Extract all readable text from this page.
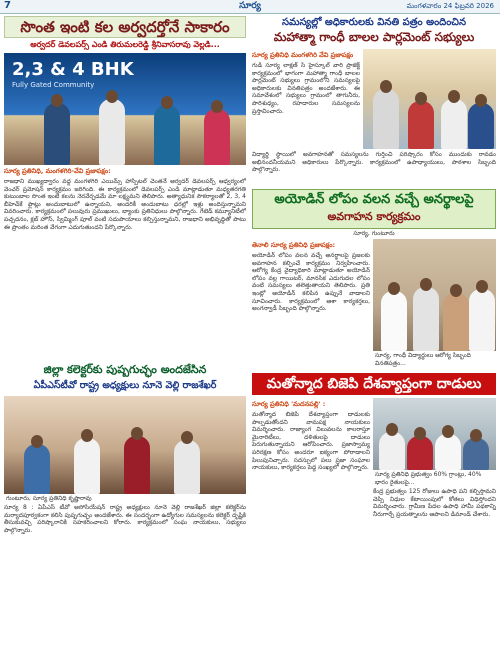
7	సూర్య	మంగళవారం 24 ఫిబ్రవరి 2026
సొంత ఇంటి కల అర్వదర్తోనే సాకారం
అర్వదర్ డెవలపర్స్ ఎండి తిరుమలరెడ్డి శ్రీనివాసరావు వెల్లడి...
2,3 & 4 BHK
Fully Gated Community
సూర్య ప్రతినిధి, మంగళగిరి-వేవి ప్రజాపక్షం:
రాజధాని ముఖ్యద్వారం వద్ద మంగళగిరి ఎయిమ్స్ హాస్పిటల్ చెంతనే అర్వదర్ డెవలపర్స్ ఆధ్వర్యంలో వెంచర్ ప్రమోషన్ కార్యక్రమం జరిగింది. ఈ కార్యక్రమంలో డెవలపర్స్ ఎండి మాట్లాడుతూ మధ్యతరగతి కుటుంబాల సొంత ఇంటి కలను నెరవేర్చడమే మా లక్ష్యమని తెలిపారు. అత్యాధునిక సౌకర్యాలతో 2, 3, 4 బీహెచ్‌కే ఫ్లాట్లు అందుబాటులో ఉన్నాయని, అందరికీ అందుబాటు ధరల్లో ఇళ్లు అందిస్తున్నామని వివరించారు. కార్యక్రమంలో పలువురు ప్రముఖులు, బ్యాంకు ప్రతినిధులు పాల్గొన్నారు. గేటెడ్ కమ్యూనిటీలో పచ్చదనం, క్లబ్ హౌస్, స్విమ్మింగ్ పూల్ వంటి సదుపాయాలు కల్పిస్తున్నామని, రాజధాని అభివృద్ధితో పాటు ఈ ప్రాంతం మరింత వేగంగా ఎదుగుతుందని పేర్కొన్నారు.
జిల్లా కలెక్టర్‌కు పుష్పగుచ్ఛం అందజేసిన
ఏపీఎస్‌టీవో రాష్ట్ర అధ్యక్షులు నూనె వెల్లి రాజశేఖర్
గుంటూరు, సూర్య ప్రతినిధి కృష్ణారావు
సూర్య 8 : ఏపీఎస్ టీవో అసోసియేషన్ రాష్ట్ర అధ్యక్షులు నూనె వెల్లి రాజశేఖర్ జిల్లా కలెక్టర్‌ను మర్యాదపూర్వకంగా కలిసి పుష్పగుచ్ఛం అందజేశారు. ఈ సందర్భంగా ఉద్యోగుల సమస్యలను కలెక్టర్ దృష్టికి తీసుకువచ్చి పరిష్కారానికి సహకరించాలని కోరారు. కార్యక్రమంలో సంఘ నాయకులు, సభ్యులు పాల్గొన్నారు.
సమస్యల్లో అధికారులకు వినతి పత్రం అందించిన
మహాత్మా గాంధీ బాలల పార్లమెంట్ సభ్యులు
సూర్య ప్రతినిధి మంగళగిరి వేవి ప్రజాపక్షం
గుడి సూర్య లాక్షణ్ సి హైస్కూల్ వారి ప్రాజెక్ట్ కార్యక్రమంలో భాగంగా మహాత్మా గాంధీ బాలల పార్లమెంట్ సభ్యులు గ్రామంలోని సమస్యలపై అధికారులకు వినతిపత్రం అందజేశారు. ఈ సమావేశంలో సభ్యులు గ్రామంలో తాగునీరు, పారిశుధ్యం, రహదారుల సమస్యలను ప్రస్తావించారు.
విద్యార్థి స్థాయిలో అవగాహనతో సమస్యలను గుర్తించి పరిష్కారం కోసం ముందుకు రావడం అభినందనీయమని అధికారులు పేర్కొన్నారు. కార్యక్రమంలో ఉపాధ్యాయులు, పాఠశాల సిబ్బంది పాల్గొన్నారు.
అయోడిన్ లోపం వలన వచ్చే అనర్థాలపై
అవగాహన కార్యక్రమం
సూర్య, గుంటూరు
తెనాలి సూర్య ప్రతినిధి ప్రజాపక్షం:
అయోడిన్ లోపం వలన వచ్చే అనర్థాలపై ప్రజలకు అవగాహన కల్పించే కార్యక్రమం నిర్వహించారు. ఆరోగ్య కేంద్ర వైద్యాధికారి మాట్లాడుతూ అయోడిన్ లోపం వల్ల గాయిటర్, మానసిక ఎదుగుదల లోపం వంటి సమస్యలు తలెత్తుతాయని తెలిపారు. ప్రతి ఇంట్లో అయోడిన్ కలిపిన ఉప్పునే వాడాలని సూచించారు. కార్యక్రమంలో ఆశా కార్యకర్తలు, అంగన్వాడీ సిబ్బంది పాల్గొన్నారు.
సూర్య, గాంధీ విద్యార్థులు ఆరోగ్య సిబ్బంది వినతిపత్రం...
మతోన్మాద బిజెపి దేశవ్యాప్తంగా దాడులు
సూర్య ప్రతినిధి 'మదనపల్లి' :
మతోన్మాద బిజెపి దేశవ్యాప్తంగా దాడులకు పాల్పడుతోందని వామపక్ష నాయకులు విమర్శించారు. రాజ్యాంగ విలువలను కాలరాస్తూ మైనారిటీలు, దళితులపై దాడులు పెరుగుతున్నాయని ఆరోపించారు. ప్రజాస్వామ్య పరిరక్షణ కోసం అందరూ ఐక్యంగా పోరాడాలని పిలుపునిచ్చారు. సదస్సులో పలు ప్రజా సంఘాల నాయకులు, కార్యకర్తలు పెద్ద సంఖ్యలో పాల్గొన్నారు.
సూర్య ప్రతినిధి ప్రభుత్వం 60% గ్రాంట్లు, 40% భారం రైతులపై...
కేంద్ర ప్రభుత్వం 125 రోజులు ఉపాధి పని కల్పిస్తామని చెప్పి నిధుల కేటాయింపులో కోతలు విధిస్తోందని విమర్శించారు. గ్రామీణ పేదల ఉపాధి హామీ పథకాన్ని నీరుగార్చే ప్రయత్నాలను ఆపాలని డిమాండ్ చేశారు.
